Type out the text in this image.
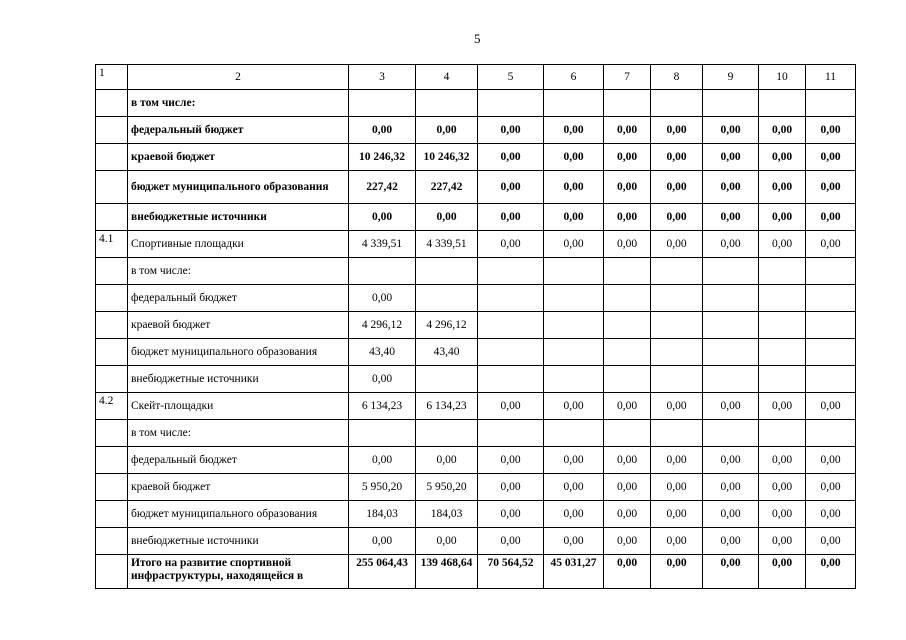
5
1	2	3	4	5	6	7	8	9	10	11
	в том числе:									
	федеральный бюджет	0,00	0,00	0,00	0,00	0,00	0,00	0,00	0,00	0,00
	краевой бюджет	10 246,32	10 246,32	0,00	0,00	0,00	0,00	0,00	0,00	0,00
	бюджет муниципального образования	227,42	227,42	0,00	0,00	0,00	0,00	0,00	0,00	0,00
	внебюджетные источники	0,00	0,00	0,00	0,00	0,00	0,00	0,00	0,00	0,00
4.1	Спортивные площадки	4 339,51	4 339,51	0,00	0,00	0,00	0,00	0,00	0,00	0,00
	в том числе:									
	федеральный бюджет	0,00								
	краевой бюджет	4 296,12	4 296,12							
	бюджет муниципального образования	43,40	43,40							
	внебюджетные источники	0,00								
4.2	Скейт-площадки	6 134,23	6 134,23	0,00	0,00	0,00	0,00	0,00	0,00	0,00
	в том числе:									
	федеральный бюджет	0,00	0,00	0,00	0,00	0,00	0,00	0,00	0,00	0,00
	краевой бюджет	5 950,20	5 950,20	0,00	0,00	0,00	0,00	0,00	0,00	0,00
	бюджет муниципального образования	184,03	184,03	0,00	0,00	0,00	0,00	0,00	0,00	0,00
	внебюджетные источники	0,00	0,00	0,00	0,00	0,00	0,00	0,00	0,00	0,00
	Итого на развитие спортивной инфраструктуры, находящейся в	255 064,43	139 468,64	70 564,52	45 031,27	0,00	0,00	0,00	0,00	0,00
